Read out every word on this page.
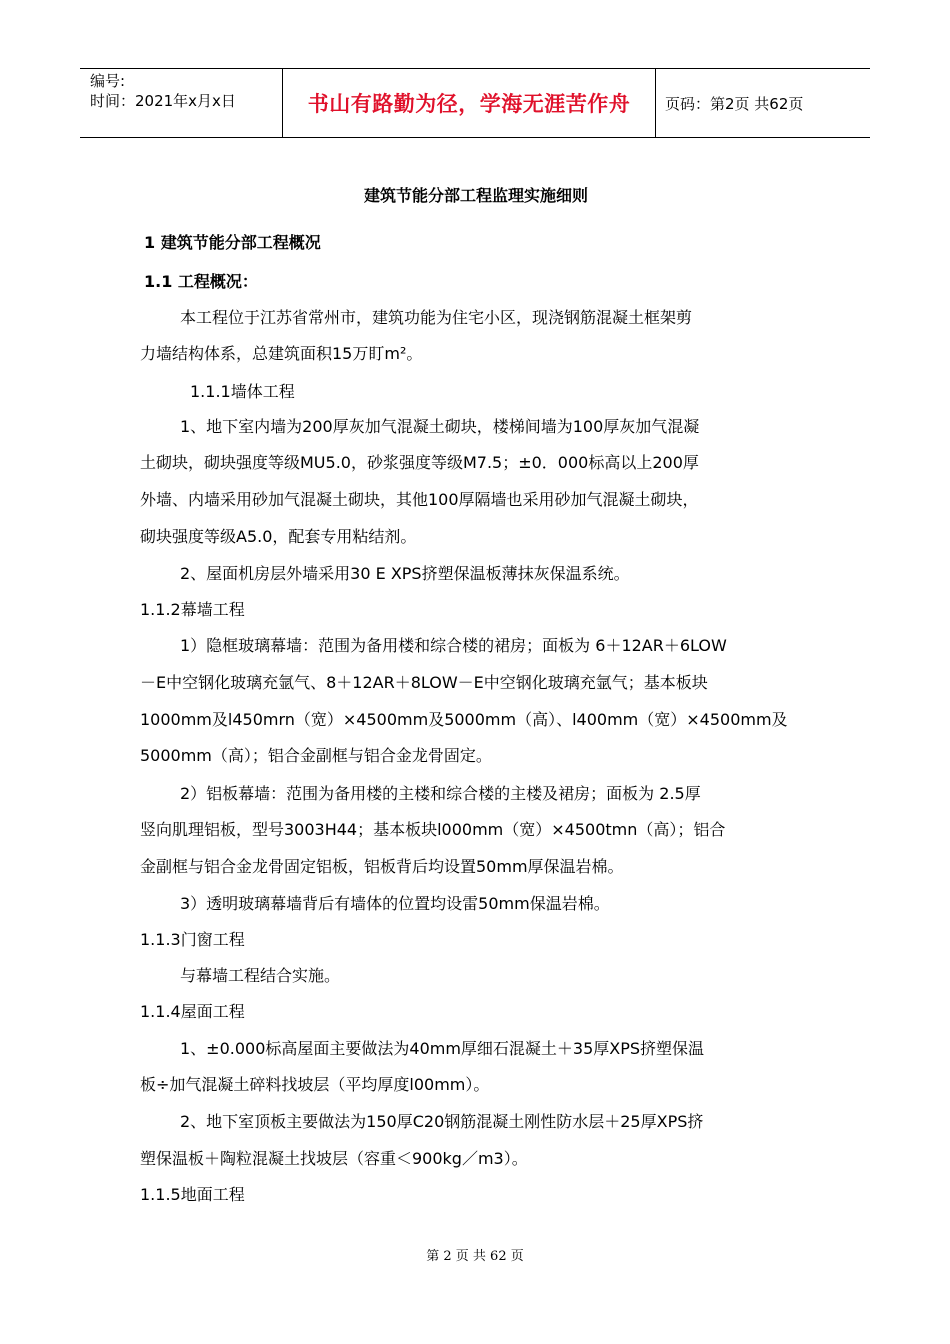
编号:
时间：2021年x月x日	书山有路勤为径，学海无涯苦作舟 页码：第2页 共62页
建筑节能分部工程监理实施细则
1 建筑节能分部工程概况
1.1 工程概况：
本工程位于江苏省常州市，建筑功能为住宅小区，现浇钢筋混凝土框架剪
力墙结构体系，总建筑面积15万盯m²。
1.1.1墙体工程
1、地下室内墙为200厚灰加气混凝土砌块，楼梯间墙为100厚灰加气混凝
土砌块，砌块强度等级MU5.0，砂浆强度等级M7.5；±0．000标高以上200厚
外墙、内墙采用砂加气混凝土砌块，其他100厚隔墙也采用砂加气混凝土砌块，
砌块强度等级A5.0，配套专用粘结剂。
2、屋面机房层外墙采用30 E XPS挤塑保温板薄抹灰保温系统。
1.1.2幕墙工程
1）隐框玻璃幕墙：范围为备用楼和综合楼的裙房；面板为 6＋12AR＋6LOW
－E中空钢化玻璃充氩气、8＋12AR＋8LOW－E中空钢化玻璃充氩气；基本板块
1000mm及l450mrn（宽）×4500mm及5000mm（高）、l400mm（宽）×4500mm及
5000mm（高）；铝合金副框与铝合金龙骨固定。
2）铝板幕墙：范围为备用楼的主楼和综合楼的主楼及裙房；面板为 2.5厚
竖向肌理铝板，型号3003H44；基本板块l000mm（宽）×4500tmn（高）；铝合
金副框与铝合金龙骨固定铝板，铝板背后均设置50mm厚保温岩棉。
3）透明玻璃幕墙背后有墙体的位置均设雷50mm保温岩棉。
1.1.3门窗工程
与幕墙工程结合实施。
1.1.4屋面工程
1、±0.000标高屋面主要做法为40mm厚细石混凝土＋35厚XPS挤塑保温
板÷加气混凝土碎料找坡层（平均厚度l00mm）。
2、地下室顶板主要做法为150厚C20钢筋混凝土刚性防水层＋25厚XPS挤
塑保温板＋陶粒混凝土找坡层（容重＜900kg／m3）。
1.1.5地面工程
第 2 页 共 62 页
